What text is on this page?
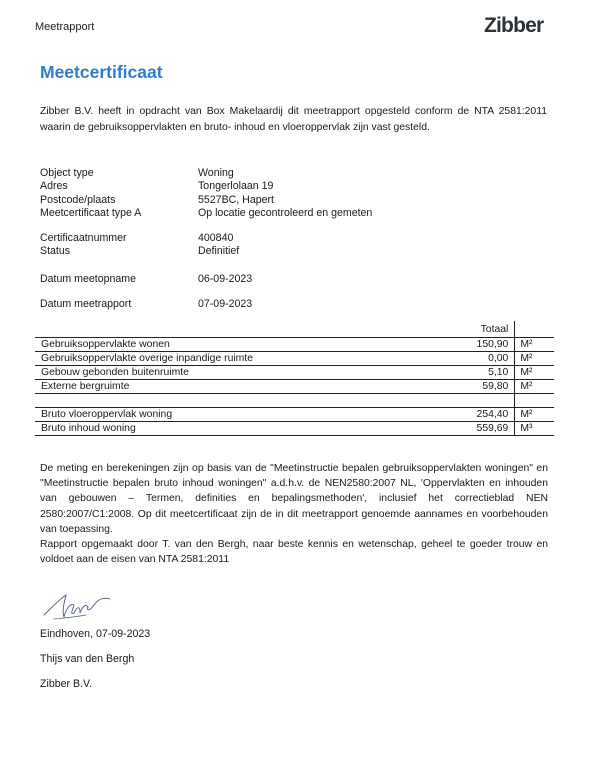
Meetrapport	Zibber
Meetcertificaat
Zibber B.V. heeft in opdracht van Box Makelaardij dit meetrapport opgesteld conform de NTA 2581:2011 waarin de gebruiksoppervlakten en bruto- inhoud en vloeroppervlak zijn vast gesteld.
Object type	Woning
Adres	Tongerlolaan 19
Postcode/plaats	5527BC, Hapert
Meetcertificaat type A	Op locatie gecontroleerd en gemeten
Certificaatnummer	400840
Status	Definitief
Datum meetopname	06-09-2023
Datum meetrapport	07-09-2023
	Totaal	
Gebruiksoppervlakte wonen	150,90	M²
Gebruiksoppervlakte overige inpandige ruimte	0,00	M²
Gebouw gebonden buitenruimte	5,10	M²
Externe bergruimte	59,80	M²

Bruto vloeroppervlak woning	254,40	M²
Bruto inhoud woning	559,69	M³
De meting en berekeningen zijn op basis van de "Meetinstructie bepalen gebruiksoppervlakten woningen" en "Meetinstructie bepalen bruto inhoud woningen" a.d.h.v. de NEN2580:2007 NL, 'Oppervlakten en inhouden van gebouwen – Termen, definities en bepalingsmethoden', inclusief het correctieblad NEN 2580:2007/C1:2008. Op dit meetcertificaat zijn de in dit meetrapport genoemde aannames en voorbehouden van toepassing.
Rapport opgemaakt door T. van den Bergh, naar beste kennis en wetenschap, geheel te goeder trouw en voldoet aan de eisen van NTA 2581:2011
Eindhoven, 07-09-2023
Thijs van den Bergh
Zibber B.V.
